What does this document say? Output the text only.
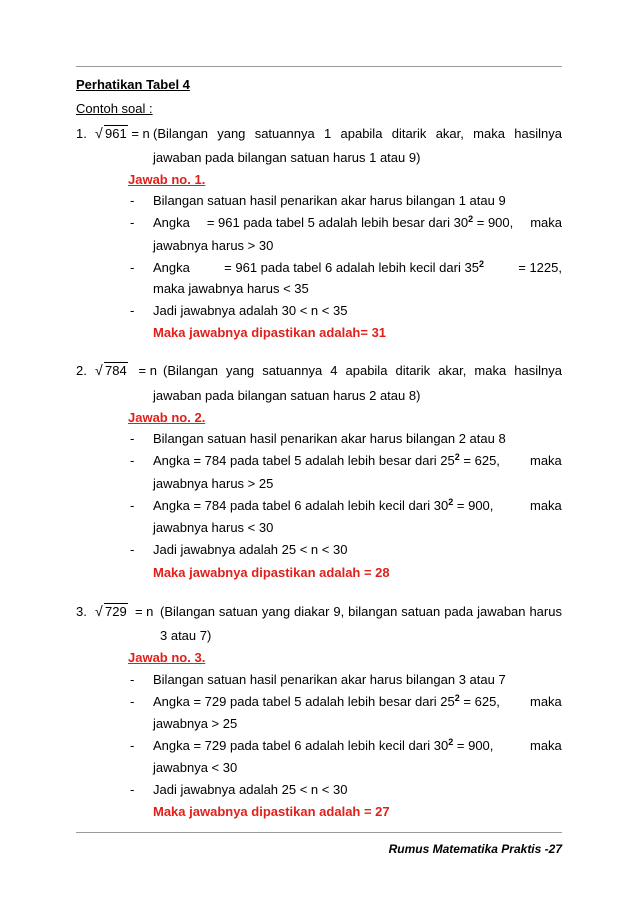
Perhatikan Tabel 4
Contoh soal :
1. √ 961 = n (Bilangan yang satuannya 1 apabila ditarik akar, maka hasilnya
jawaban pada bilangan satuan harus 1 atau 9)
Jawab no. 1.
- Bilangan satuan hasil penarikan akar harus bilangan 1 atau 9
- Angka = 961 pada tabel 5 adalah lebih besar dari $30^2 = 900$, maka
jawabnya harus > 30
- Angka	= 961 pada tabel 6 adalah lebih kecil dari $35^2$	= 1225,
maka jawabnya harus < 35
- Jadi jawabnya adalah 30 < n < 35
Maka jawabnya dipastikan adalah= 31
2. √ 784 = n (Bilangan yang satuannya 4 apabila ditarik akar, maka hasilnya
jawaban pada bilangan satuan harus 2 atau 8)
Jawab no. 2.
- Bilangan satuan hasil penarikan akar harus bilangan 2 atau 8
- Angka = 784 pada tabel 5 adalah lebih besar dari $25^2 = 625$, maka
jawabnya harus > 25
- Angka = 784 pada tabel 6 adalah lebih kecil dari $30^2 = 900$,	maka
jawabnya harus < 30
- Jadi jawabnya adalah 25 < n < 30
Maka jawabnya dipastikan adalah = 28
3. √ 729 = n (Bilangan satuan yang diakar 9, bilangan satuan pada jawaban harus
3 atau 7)
Jawab no. 3.
- Bilangan satuan hasil penarikan akar harus bilangan 3 atau 7
- Angka = 729 pada tabel 5 adalah lebih besar dari $25^2 = 625$, maka
jawabnya > 25
- Angka = 729 pada tabel 6 adalah lebih kecil dari $30^2 = 900$,	maka
jawabnya < 30
- Jadi jawabnya adalah 25 < n < 30
Maka jawabnya dipastikan adalah = 27
Rumus Matematika Praktis -27
